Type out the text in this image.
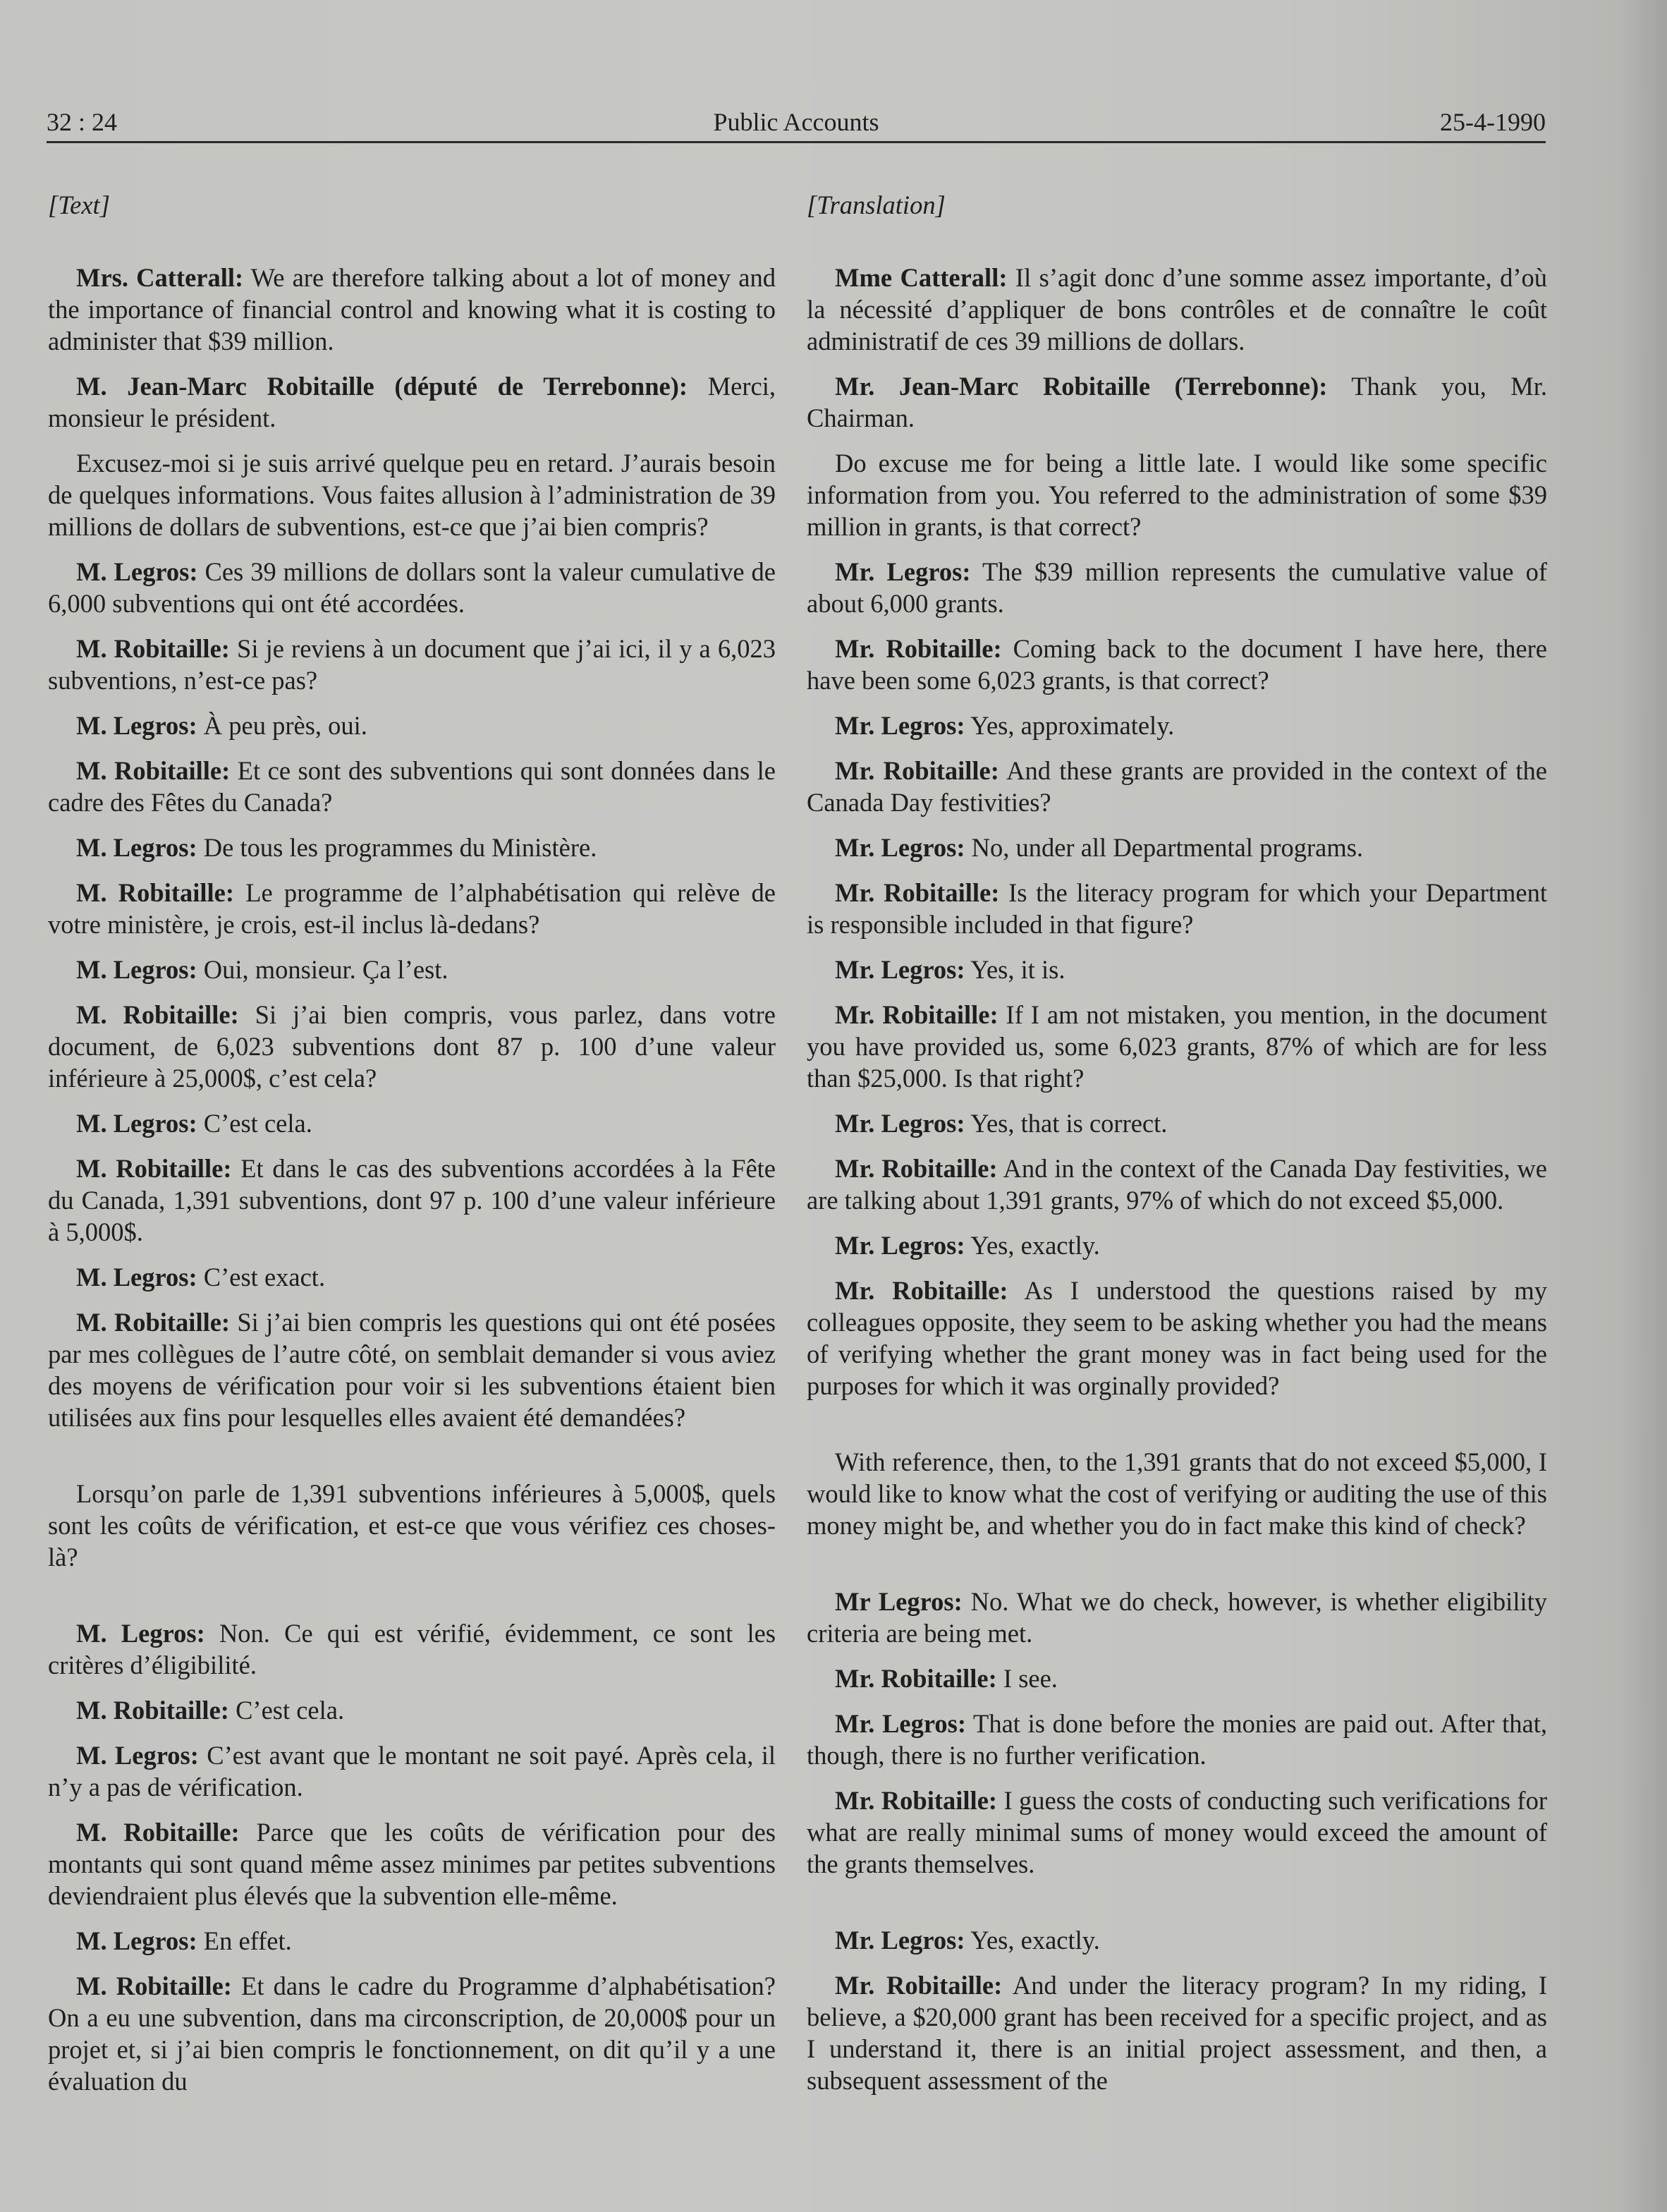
32 : 24	Public Accounts	25-4-1990
[Text]

Mrs. Catterall: We are therefore talking about a lot of money and the importance of financial control and knowing what it is costing to administer that $39 million.

M. Jean-Marc Robitaille (député de Terrebonne): Merci, monsieur le président.

Excusez-moi si je suis arrivé quelque peu en retard. J’aurais besoin de quelques informations. Vous faites allusion à l’administration de 39 millions de dollars de subventions, est-ce que j’ai bien compris?

M. Legros: Ces 39 millions de dollars sont la valeur cumulative de 6,000 subventions qui ont été accordées.

M. Robitaille: Si je reviens à un document que j’ai ici, il y a 6,023 subventions, n’est-ce pas?

M. Legros: À peu près, oui.

M. Robitaille: Et ce sont des subventions qui sont données dans le cadre des Fêtes du Canada?

M. Legros: De tous les programmes du Ministère.

M. Robitaille: Le programme de l’alphabétisation qui relève de votre ministère, je crois, est-il inclus là-dedans?

M. Legros: Oui, monsieur. Ça l’est.

M. Robitaille: Si j’ai bien compris, vous parlez, dans votre document, de 6,023 subventions dont 87 p. 100 d’une valeur inférieure à 25,000$, c’est cela?

M. Legros: C’est cela.

M. Robitaille: Et dans le cas des subventions accordées à la Fête du Canada, 1,391 subventions, dont 97 p. 100 d’une valeur inférieure à 5,000$.

M. Legros: C’est exact.

M. Robitaille: Si j’ai bien compris les questions qui ont été posées par mes collègues de l’autre côté, on semblait demander si vous aviez des moyens de vérification pour voir si les subventions étaient bien utilisées aux fins pour lesquelles elles avaient été demandées?

Lorsqu’on parle de 1,391 subventions inférieures à 5,000$, quels sont les coûts de vérification, et est-ce que vous vérifiez ces choses-là?

M. Legros: Non. Ce qui est vérifié, évidemment, ce sont les critères d’éligibilité.

M. Robitaille: C’est cela.

M. Legros: C’est avant que le montant ne soit payé. Après cela, il n’y a pas de vérification.

M. Robitaille: Parce que les coûts de vérification pour des montants qui sont quand même assez minimes par petites subventions deviendraient plus élevés que la subvention elle-même.

M. Legros: En effet.

M. Robitaille: Et dans le cadre du Programme d’alphabétisation? On a eu une subvention, dans ma circonscription, de 20,000$ pour un projet et, si j’ai bien compris le fonctionnement, on dit qu’il y a une évaluation du

[Translation]

Mme Catterall: Il s’agit donc d’une somme assez importante, d’où la nécessité d’appliquer de bons contrôles et de connaître le coût administratif de ces 39 millions de dollars.

Mr. Jean-Marc Robitaille (Terrebonne): Thank you, Mr. Chairman.

Do excuse me for being a little late. I would like some specific information from you. You referred to the administration of some $39 million in grants, is that correct?

Mr. Legros: The $39 million represents the cumulative value of about 6,000 grants.

Mr. Robitaille: Coming back to the document I have here, there have been some 6,023 grants, is that correct?

Mr. Legros: Yes, approximately.

Mr. Robitaille: And these grants are provided in the context of the Canada Day festivities?

Mr. Legros: No, under all Departmental programs.

Mr. Robitaille: Is the literacy program for which your Department is responsible included in that figure?

Mr. Legros: Yes, it is.

Mr. Robitaille: If I am not mistaken, you mention, in the document you have provided us, some 6,023 grants, 87% of which are for less than $25,000. Is that right?

Mr. Legros: Yes, that is correct.

Mr. Robitaille: And in the context of the Canada Day festivities, we are talking about 1,391 grants, 97% of which do not exceed $5,000.

Mr. Legros: Yes, exactly.

Mr. Robitaille: As I understood the questions raised by my colleagues opposite, they seem to be asking whether you had the means of verifying whether the grant money was in fact being used for the purposes for which it was orginally provided?

With reference, then, to the 1,391 grants that do not exceed $5,000, I would like to know what the cost of verifying or auditing the use of this money might be, and whether you do in fact make this kind of check?

Mr Legros: No. What we do check, however, is whether eligibility criteria are being met.

Mr. Robitaille: I see.

Mr. Legros: That is done before the monies are paid out. After that, though, there is no further verification.

Mr. Robitaille: I guess the costs of conducting such verifications for what are really minimal sums of money would exceed the amount of the grants themselves.

Mr. Legros: Yes, exactly.

Mr. Robitaille: And under the literacy program? In my riding, I believe, a $20,000 grant has been received for a specific project, and as I understand it, there is an initial project assessment, and then, a subsequent assessment of the
